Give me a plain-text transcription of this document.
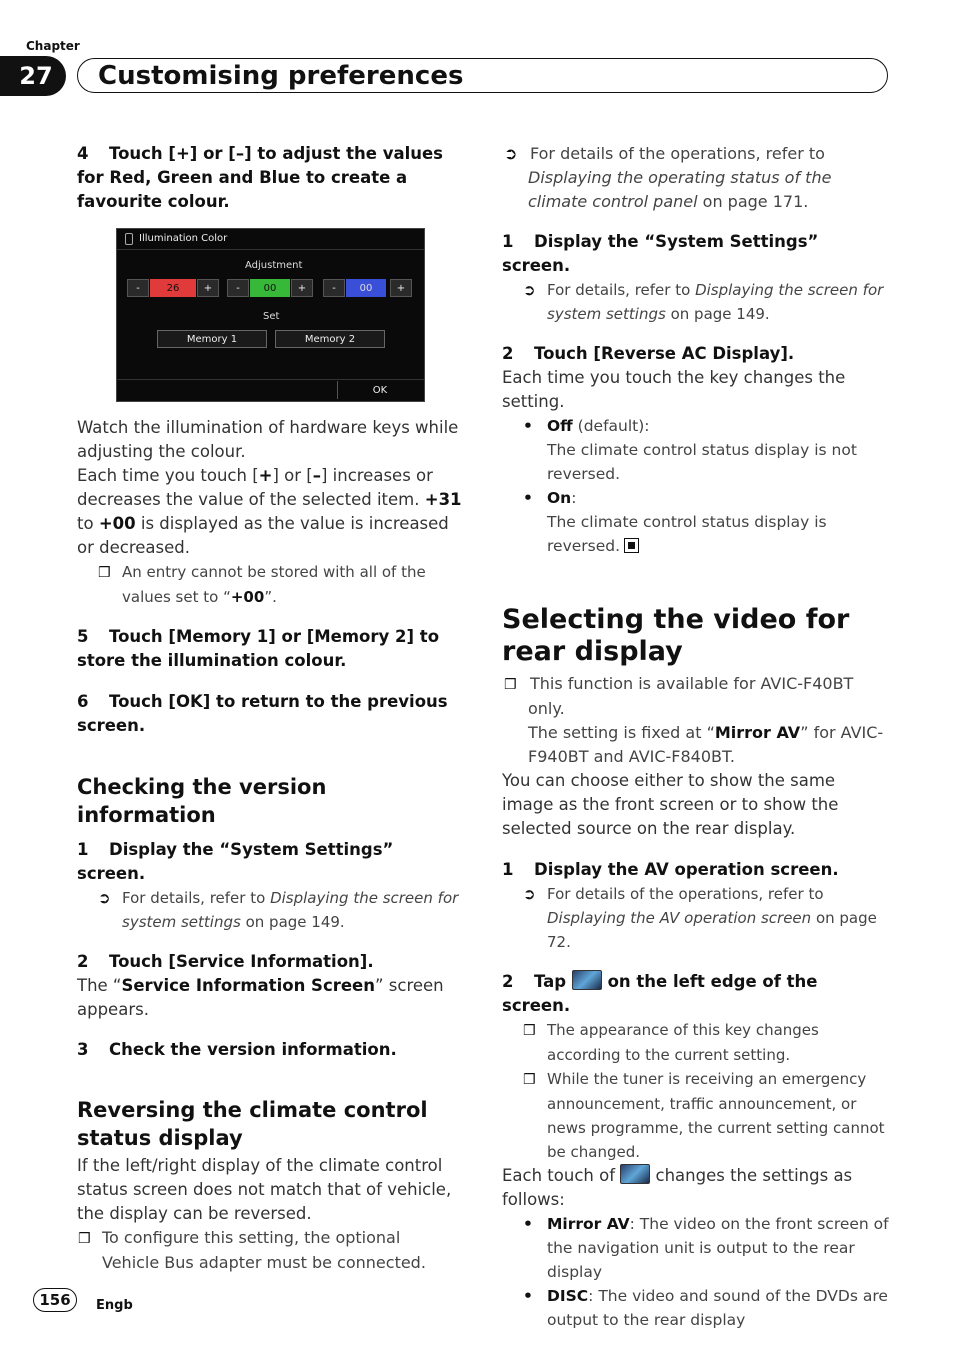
Chapter
27	Customising preferences
4 Touch [+] or [–] to adjust the values for Red, Green and Blue to create a favourite colour.
Illumination Color
Adjustment
-	26	+	-	00	+	-	00	+
Set
Memory 1	Memory 2
OK

Watch the illumination of hardware keys while adjusting the colour.

Each time you touch [+] or [–] increases or decreases the value of the selected item. +31 to +00 is displayed as the value is increased or decreased.

❒ An entry cannot be stored with all of the values set to “+00”.
5 Touch [Memory 1] or [Memory 2] to store the illumination colour.
6 Touch [OK] to return to the previous screen.
Checking the version information
1 Display the “System Settings” screen.
➲ For details, refer to Displaying the screen for system settings on page 149.
2 Touch [Service Information].

The “Service Information Screen” screen appears.

3 Check the version information.
Reversing the climate control status display

If the left/right display of the climate control status screen does not match that of vehicle, the display can be reversed.

❒ To configure this setting, the optional Vehicle Bus adapter must be connected.
➲ For details of the operations, refer to Displaying the operating status of the climate control panel on page 171.
1 Display the “System Settings” screen.
➲ For details, refer to Displaying the screen for system settings on page 149.
2 Touch [Reverse AC Display].

Each time you touch the key changes the setting.

• Off (default):
The climate control status display is not reversed.
• On:
The climate control status display is reversed.
Selecting the video for rear display
❒ This function is available for AVIC-F40BT only.
The setting is fixed at “Mirror AV” for AVIC-F940BT and AVIC-F840BT.

You can choose either to show the same image as the front screen or to show the selected source on the rear display.

1 Display the AV operation screen.
➲ For details of the operations, refer to Displaying the AV operation screen on page 72.
2 Tap	on the left edge of the screen.
❒ The appearance of this key changes according to the current setting.
❒ While the tuner is receiving an emergency announcement, traffic announcement, or news programme, the current setting cannot be changed.

Each touch of changes the settings as follows:

• Mirror AV: The video on the front screen of the navigation unit is output to the rear display
• DISC: The video and sound of the DVDs are output to the rear display
156	Engb
